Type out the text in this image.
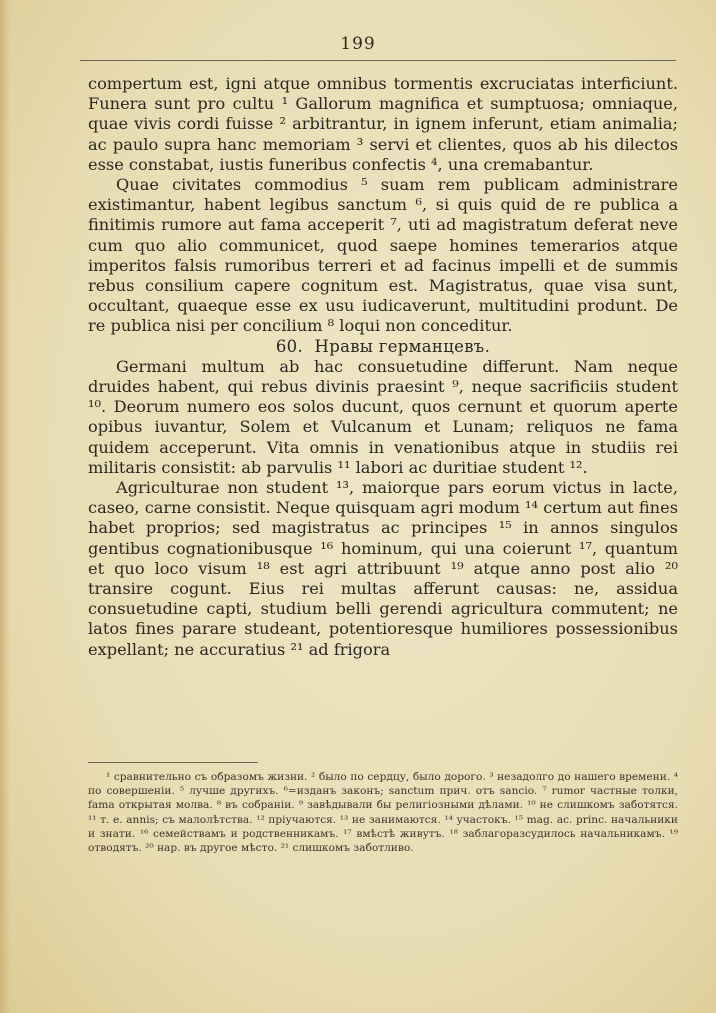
199

compertum est, igni atque omnibus tormentis excruciatas interficiunt. Funera sunt pro cultu ¹ Gallorum magnifica et sumptuosa; omniaque, quae vivis cordi fuisse ² arbitrantur, in ignem inferunt, etiam animalia; ac paulo supra hanc memoriam ³ servi et clientes, quos ab his dilectos esse constabat, iustis funeribus confectis ⁴, una cremabantur.

Quae civitates commodius ⁵ suam rem publicam administrare existimantur, habent legibus sanctum ⁶, si quis quid de re publica a finitimis rumore aut fama acceperit ⁷, uti ad magistratum deferat neve cum quo alio communicet, quod saepe homines temerarios atque imperitos falsis rumoribus terreri et ad facinus impelli et de summis rebus consilium capere cognitum est. Magistratus, quae visa sunt, occultant, quaeque esse ex usu iudicaverunt, multitudini produnt. De re publica nisi per concilium ⁸ loqui non conceditur.

60. Нравы германцевъ.

Germani multum ab hac consuetudine differunt. Nam neque druides habent, qui rebus divinis praesint ⁹, neque sacrificiis student ¹⁰. Deorum numero eos solos ducunt, quos cernunt et quorum aperte opibus iuvantur, Solem et Vulcanum et Lunam; reliquos ne fama quidem acceperunt. Vita omnis in venationibus atque in studiis rei militaris consistit: ab parvulis ¹¹ labori ac duritiae student ¹².

Agriculturae non student ¹³, maiorque pars eorum victus in lacte, caseo, carne consistit. Neque quisquam agri modum ¹⁴ certum aut fines habet proprios; sed magistratus ac principes ¹⁵ in annos singulos gentibus cognationibusque ¹⁶ hominum, qui una coierunt ¹⁷, quantum et quo loco visum ¹⁸ est agri attribuunt ¹⁹ atque anno post alio ²⁰ transire cogunt. Eius rei multas afferunt causas: ne, assidua consuetudine capti, studium belli gerendi agricultura commutent; ne latos fines parare studeant, potentioresque humiliores possessionibus expellant; ne accuratius ²¹ ad frigora

¹ сравнительно съ образомъ жизни. ² было по сердцу, было дорого. ³ незадолго до нашего времени. ⁴ по совершеніи. ⁵ лучше другихъ. ⁶=изданъ законъ; sanctum прич. отъ sancio. ⁷ rumor частные толки, fama открытая молва. ⁸ въ собраніи. ⁹ завѣдывали бы религіозными дѣлами. ¹⁰ не слишкомъ заботятся. ¹¹ т. е. annis; съ малолѣтства. ¹² пріучаются. ¹³ не занимаются. ¹⁴ участокъ. ¹⁵ mag. ac. princ. начальники и знати. ¹⁶ семействамъ и родственникамъ. ¹⁷ вмѣстѣ живутъ. ¹⁸ заблагоразсудилось начальникамъ. ¹⁹ отводятъ. ²⁰ нар. въ другое мѣсто. ²¹ слишкомъ заботливо.
